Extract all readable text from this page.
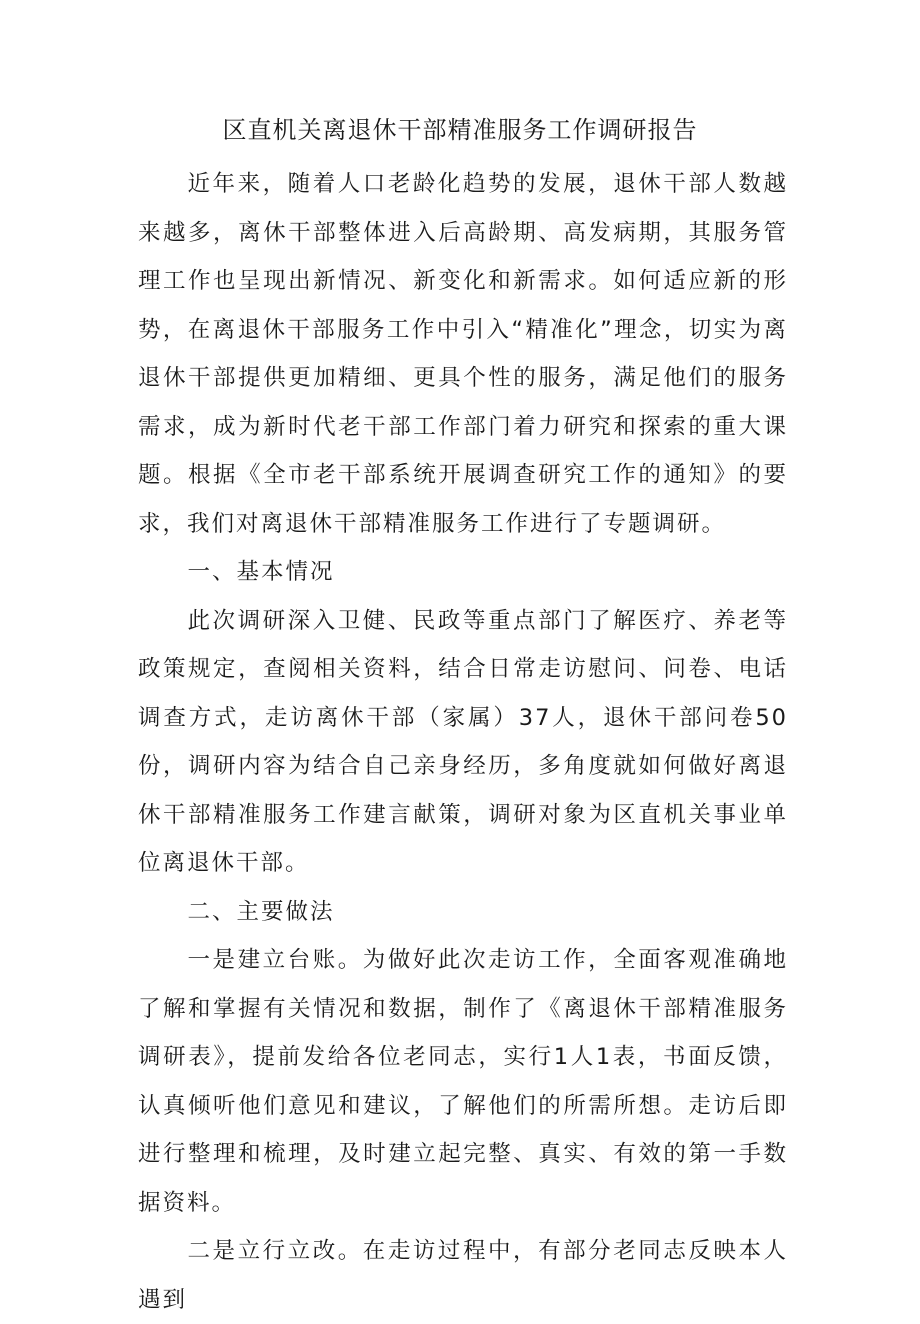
区直机关离退休干部精准服务工作调研报告

近年来，随着人口老龄化趋势的发展，退休干部人数越来越多，离休干部整体进入后高龄期、高发病期，其服务管理工作也呈现出新情况、新变化和新需求。如何适应新的形势，在离退休干部服务工作中引入“精准化”理念，切实为离退休干部提供更加精细、更具个性的服务，满足他们的服务需求，成为新时代老干部工作部门着力研究和探索的重大课题。根据《全市老干部系统开展调查研究工作的通知》的要求，我们对离退休干部精准服务工作进行了专题调研。

一、基本情况

此次调研深入卫健、民政等重点部门了解医疗、养老等政策规定，查阅相关资料，结合日常走访慰问、问卷、电话调查方式，走访离休干部（家属）37人，退休干部问卷50份，调研内容为结合自己亲身经历，多角度就如何做好离退休干部精准服务工作建言献策，调研对象为区直机关事业单位离退休干部。

二、主要做法

一是建立台账。为做好此次走访工作，全面客观准确地了解和掌握有关情况和数据，制作了《离退休干部精准服务调研表》，提前发给各位老同志，实行1人1表，书面反馈，认真倾听他们意见和建议，了解他们的所需所想。走访后即进行整理和梳理，及时建立起完整、真实、有效的第一手数据资料。

二是立行立改。在走访过程中，有部分老同志反映本人遇到
